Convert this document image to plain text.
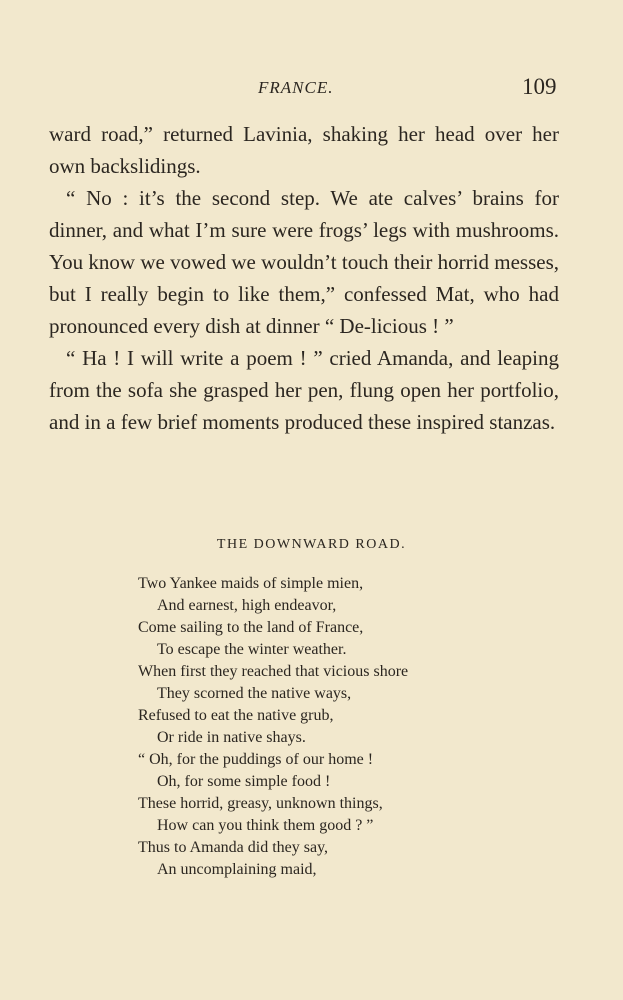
FRANCE.	109

ward road,” returned Lavinia, shaking her head over her own backslidings.

“ No : it’s the second step. We ate calves’ brains for dinner, and what I’m sure were frogs’ legs with mushrooms. You know we vowed we wouldn’t touch their horrid messes, but I really begin to like them,” confessed Mat, who had pronounced every dish at dinner “ De-licious ! ”

“ Ha ! I will write a poem ! ” cried Amanda, and leaping from the sofa she grasped her pen, flung open her portfolio, and in a few brief moments produced these inspired stanzas.

THE DOWNWARD ROAD.
Two Yankee maids of simple mien,
And earnest, high endeavor,
Come sailing to the land of France,
To escape the winter weather.
When first they reached that vicious shore
They scorned the native ways,
Refused to eat the native grub,
Or ride in native shays.
“ Oh, for the puddings of our home !
Oh, for some simple food !
These horrid, greasy, unknown things,
How can you think them good ? ”
Thus to Amanda did they say,
An uncomplaining maid,
